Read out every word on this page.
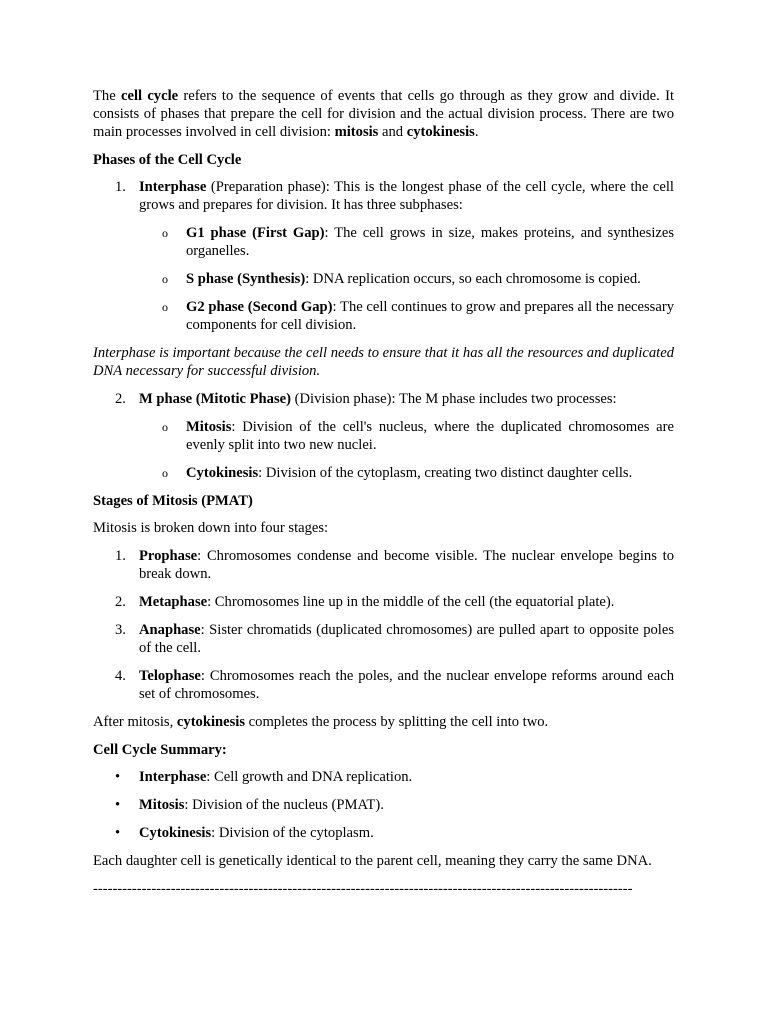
The cell cycle refers to the sequence of events that cells go through as they grow and divide. It consists of phases that prepare the cell for division and the actual division process. There are two main processes involved in cell division: mitosis and cytokinesis.

Phases of the Cell Cycle

1. Interphase (Preparation phase): This is the longest phase of the cell cycle, where the cell grows and prepares for division. It has three subphases:
o G1 phase (First Gap): The cell grows in size, makes proteins, and synthesizes organelles.
o S phase (Synthesis): DNA replication occurs, so each chromosome is copied.
o G2 phase (Second Gap): The cell continues to grow and prepares all the necessary components for cell division.

Interphase is important because the cell needs to ensure that it has all the resources and duplicated DNA necessary for successful division.

2. M phase (Mitotic Phase) (Division phase): The M phase includes two processes:
o Mitosis: Division of the cell's nucleus, where the duplicated chromosomes are evenly split into two new nuclei.
o Cytokinesis: Division of the cytoplasm, creating two distinct daughter cells.

Stages of Mitosis (PMAT)

Mitosis is broken down into four stages:

1. Prophase: Chromosomes condense and become visible. The nuclear envelope begins to break down.
2. Metaphase: Chromosomes line up in the middle of the cell (the equatorial plate).
3. Anaphase: Sister chromatids (duplicated chromosomes) are pulled apart to opposite poles of the cell.
4. Telophase: Chromosomes reach the poles, and the nuclear envelope reforms around each set of chromosomes.

After mitosis, cytokinesis completes the process by splitting the cell into two.

Cell Cycle Summary:

• Interphase: Cell growth and DNA replication.
• Mitosis: Division of the nucleus (PMAT).
• Cytokinesis: Division of the cytoplasm.

Each daughter cell is genetically identical to the parent cell, meaning they carry the same DNA.

---------------------------------------------------------------------------------------------------------------
